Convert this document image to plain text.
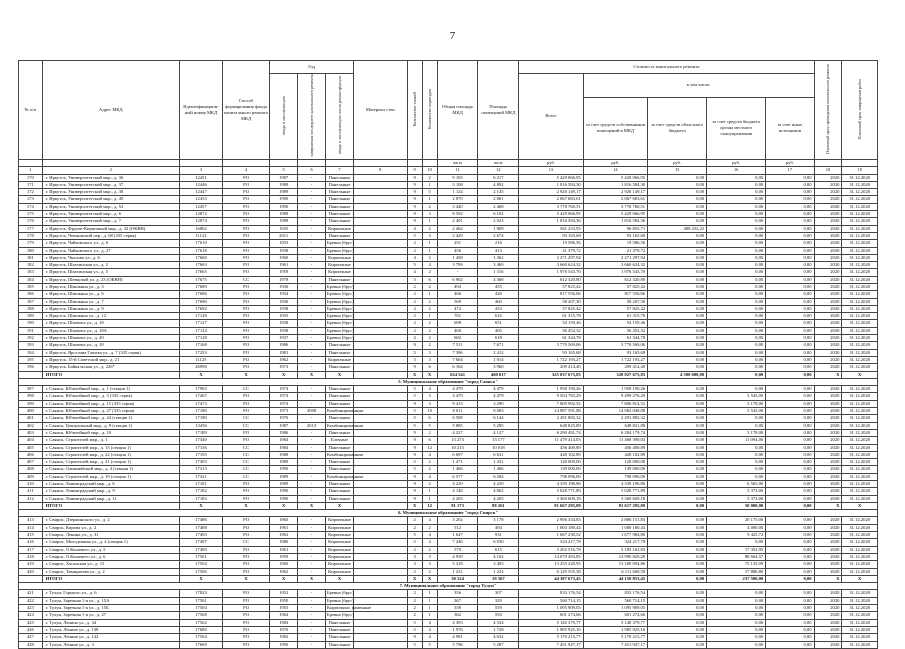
7
№ п/п	Адрес МКД	Идентификацион-ный номер МКД	Способ формирования фонда капитального ремонта МКД	Год			Материал стен	Количество этажей	Количество подъездов	Общая площадь МКД	Площадь помещений МКД	Стоимость капитального ремонта					Плановый срок проведения капитального ремонта	Плановый срок завершения работ
				ввода в эксплуатацию	завершения последнего капитального ремонта	ввода в эксплуатацию после реконструкции						Всего	в том числе:					
													за счет средств собственников помещений в МКД	за счет средств областного бюджета	за счет средств бюджета органа местного самоуправления	за счет иных источников		
										кв.м	кв.м	руб.	руб.	руб.	руб.	руб.		
1	2	3	4	5	6	7	8	9	10	11	12	13	14	15	16	17	18	19
170	г. Иркутск, Университетский мкр., д. 36	12451	РО	1987	-	Панельные		9	2	9 103	6 217	5 429 066,95	5 429 066,95	0,00	0,00	0,00	2020	31.12.2020
171	г. Иркутск, Университетский мкр., д. 37	12446	РО	1988	-	Панельные		9	1	3 108	4 892	1 816 584,30	1 816 584,30	0,00	0,00	0,00	2020	31.12.2020
172	г. Иркутск, Университетский мкр., д. 38	12447	РО	1989	-	Панельные		9	5	1 124	2 145	2 926 149,17	2 926 149,17	0,00	0,00	0,00	2020	31.12.2020
173	г. Иркутск, Университетский мкр., д. 49	12453	РО	1990	-	Панельные		9	1	2 870	2 861	2 067 683,61	2 067 683,61	0,00	0,00	0,00	2020	31.12.2020
174	г. Иркутск, Университетский мкр., д. 52	12457	РО	1990	-	Панельные		9	2	3 440	2 468	3 778 760,51	3 778 760,51	0,00	0,00	0,00	2020	31.12.2020
175	г. Иркутск, Университетский мкр., д. 6	12872	РО	1988	-	Панельные		9	3	8 592	6 102	5 429 066,95	5 429 066,95	0,00	0,00	0,00	2020	31.12.2020
176	г. Иркутск, Университетский мкр., д. 7	12874	РО	1988	-	Панельные		9	1	2 401	2 023	1 816 584,36	1 816 584,36	0,00	0,00	0,00	2020	31.12.2020
177	г. Иркутск, Фрунзе-Кирпичный мкр., д. 32 (ОКВН)	16862	РО	1935	-	Кирпичные		4	2	2 462	1 809	561 233,93	96 855,71	488 252,22	0,00	0,00	2020	31.12.2020
178	г. Иркутск, Чешковский пер., д. 68 (335 серия)	11122	РО	2011	-	Панельные		5	3	2 429	2 674	93 165,68	93 165,68	0,00	0,00	0,00	2020	31.12.2020
179	г. Иркутск, Чайковского ул., д. 6	17610	РО	1933	-	Бревна (брус)		2	1	251	216	19 586,56	19 586,56	0,00	0,00	0,00	2020	31.12.2020
180	г. Иркутск, Чайковского ул., д. 27	17618	РО	1938	-	Бревна (брус)		2	1	456	413	21 379,72	21 379,72	0,00	0,00	0,00	2020	31.12.2020
181	г. Иркутск, Чкалова ул., д. 6	17660	РО	1960	-	Кирпичные		4	2	1 458	1 362	2 271 297,94	2 271 297,94	0,00	0,00	0,00	2020	31.12.2020
182	г. Иркутск, Шахтинская ул., д. 2	17663	РО	1961	-	Кирпичные		5	4	3 799	3 469	3 660 624,32	3 660 624,32	0,00	0,00	0,00	2020	31.12.2020
183	г. Иркутск, Шахтинская ул., д. 5	17665	РО	1959	-	Кирпичные		4	2	-	1 316	1 976 543,70	1 976 543,70	0,00	0,00	0,00	2020	31.12.2020
184	г. Иркутск, Шевцовой ул. д. 23 (ОКВН)	17675	СС	1978	-	Панельные		5	6	6 902	4 368	612 320,80	612 320,80	0,00	0,00	0,00	2020	31.12.2020
185	г. Иркутск, Шишкина ул., д. 3	17689	РО	1936	-	Бревна (брус)		2	2	494	455	57 825,42	57 825,42	0,00	0,00	0,00	2020	31.12.2020
186	г. Иркутск, Шишкина ул., д. 6	17686	РО	1934	-	Бревна (брус)		2	1	466	426	817 556,66	817 556,66	0,00	0,00	0,00	2020	31.12.2020
187	г. Иркутск, Шишкина ул., д. 7	17690	РО	1936	-	Бревна (брус)		2	2	569	460	58 207,30	58 207,30	0,00	0,00	0,00	2020	31.12.2020
188	г. Иркутск, Шишкина ул., д. 9	17692	РО	1938	-	Бревна (брус)		2	2	472	433	57 825,42	57 825,42	0,00	0,00	0,00	2020	31.12.2020
189	г. Иркутск, Шишкина ул., д. 12	17128	РО	1935	-	Бревна (брус)		2	1	701	616	61 315,78	61 315,78	0,00	0,00	0,00	2020	31.12.2020
190	г. Иркутск, Шпачека ул., д. 18	17127	РО	1938	-	Бревна (брус)		2	2	698	651	54 159,46	54 159,46	0,00	0,00	0,00	2020	31.12.2020
191	г. Иркутск, Шпачека ул., д. 18А	17124	РО	1938	-	Бревна (брус)		2	2	460	405	56 452,32	56 452,32	0,00	0,00	0,00	2020	31.12.2020
192	г. Иркутск, Шпачека ул., д. 20	17128	РО	1937	-	Бревна (брус)		2	2	682	618	61 344,78	61 344,78	0,00	0,00	0,00	2020	31.12.2020
193	г. Иркутск, Шпачека ул., д. 10	17168	РО	1986	-	Панельные		9	2	7 511	7 671	3 770 569,06	3 770 569,06	0,00	0,00	0,00	2020	31.12.2020
194	г. Иркутск, Ярослава Гашека ул., д. 7 (335 серия)	17253	РО	1981	-	Панельные		5	3	7 396	2 412	93 165,68	93 165,68	0,00	0,00	0,00	2020	31.12.2020
195	г. Иркутск, 15-й Советской мкр., д. 21	11125	РО	1962	-	Кирпичные		5	3	7 604	1 014	1 722 193,27	1 722 193,27	0,00	0,00	0,00	2020	31.12.2020
196	г. Иркутск, Байкальская ул., д. 226*	26998	РО	1973	-	Панельные		9	6	6 164	3 960	209 414,40	209 414,40	0,00	0,00	0,00	2020	31.12.2020
	ИТОГО	X	X	X	X	X		X	X	624 541	460 017	325 037 673,83	320 927 673,83	4 500 000,00	0,00	0,00	X	X
5. Муниципальное образование "город Саянск"																		
397	г. Саянск, Юбилейный мкр., д. 1 (секция 1)	17963	СС	1974	-	Панельные		5	4	4 479	4 479	1 958 190,26	1 958 190,26	0,00	0,00	0,00	2020	31.12.2020
398	г. Саянск, Юбилейный мкр., д. 3 (335 серия)	17467	РО	1974	-	Панельные		5	3	4 479	4 479	9 504 783,29	9 499 276,29	0,00	5 543,00	0,00	2020	31.12.2020
399	г. Саянск, Юбилейный мкр., д. 15 (335 серия)	17473	РО	1974	-	Панельные		9	3	9 413	3 290	7 809 992,52	7 806 814,52	0,00	3 178,00	0,00	2020	31.12.2020
400	г. Саянск, Юбилейный мкр., д. 27 (335 серия)	17180	РО	1973	2008	Комбинированные		5	10	8 011	8 003	14 987 591,88	14 982 048,88	0,00	5 543,00	0,00	2020	31.12.2020
401	г. Саянск, Юбилейный мкр., д. 24 (секция 1)	17180	СС	1976	-	Панельные		5	6	6 508	6 144	2 291 882,32	2 291 882,32	0,00	0,00	0,00	2020	31.12.2020
402	г. Саянск, Центральный мкр., д. 9 (секция 1)	13456	СС	1987	2013	Комбинированные		5	5	5 885	5 285	648 825,89	648 821,89	0,00	0,00	0,00	2020	31.12.2020
403	г. Саянск, Юбилейный мкр., д. 10	17189	РО	1986	-	Панельные		9	2	4 227	4 127	6 290 491,74	6 284 179,74	0,00	3 178,00	0,00	2020	31.12.2020
404	г. Саянск, Строителей мкр., д. 1	17340	РО	1984	-	Блочные		9	6	13 273	13 177	11 479 414,03	11 468 390,03	0,00	11 094,00	0,00	2020	31.12.2020
405	г. Саянск, Строителей мкр., д. 15 (секция 1)	17156	СС	1984	-	Панельные		9	12	10 215	10 018	456 400,89	456 400,89	0,00	0,00	0,00	2020	31.12.2020
406	г. Саянск, Строителей мкр., д. 22 (секция 1)	17195	СС	1988	-	Комбинированные		9	4	6 697	6 631	420 102,89	420 102,89	0,00	0,00	0,00	2020	31.12.2020
407	г. Саянск, Строителей мкр., д. 21 (секция 1)	17303	СС	1989	-	Панельные		5	2	1 471	1 431	120 000,00	120 000,00	0,00	0,00	0,00	2020	31.12.2020
408	г. Саянск, Олимпийский мкр., д. 4 (секция 1)	17313	СС	1990	-	Панельные		5	2	1 466	1 466	139 000,00	139 000,00	0,00	0,00	0,00	2020	31.12.2020
409	г. Саянск, Строителей мкр., д. 19 (секция 1)	17321	СС	1989	-	Комбинированные		9	4	6 577	6 284	798 096,00	798 096,00	0,00	0,00	0,00	2020	31.12.2020
410	г. Саянск, Ленинградский мкр., д. 6	17181	РО	1989	-	Панельные		9	2	4 229	4 229	4 339 196,86	4 339 196,86	0,00	6 565,00	0,00	2020	31.12.2020
411	г. Саянск, Ленинградский мкр., д. 9	17182	РО	1990	-	Панельные		9	1	4 148	4 062	5 028 771,89	5 028 771,89	0,00	5 373,00	0,00	2020	31.12.2020
412	г. Саянск, Ленинградский мкр., д. 11	17183	РО	1990	-	Панельные		9	1	4 205	4 205	3 369 609,18	3 369 609,18	0,00	5 373,00	0,00	2020	31.12.2020
	ИТОГО	X	X	X	X	X		X	12	91 173	88 261	81 667 295,09	81 617 295,09	0,00	50 000,00	0,00	X	X
6. Муниципальное образование "город Свирск"																		
413	г. Свирск, Дзержинского ул., д. 2	17486	РО	1960	-	Кирпичные		2	4	3 202	3 178	2 906 334,83	2 886 151,83	0,00	20 175,00	0,00	2020	31.12.2020
414	г. Свирск, Кирова ул., д. 2	17488	РО	1961	-	Кирпичные		2	2	512	494	1 004 180,44	1 000 180,44	0,00	4 000,00	0,00	2020	31.12.2020
415	г. Свирск, Ленина ул., д. 31	17493	РО	1962	-	Кирпичные		5	4	1 647	931	1 687 230,52	1 677 984,80	0,00	9 425,72	0,00	2020	31.12.2020
416	г. Свирск, Молодежная ул., д. 4 (секция 1)	17497	СС	1986	-	Кирпичные		5	4	7 246	6 930	324 217,78	324 217,78	0,00	0,00	0,00	2020	31.12.2020
417	г. Свирск, О.Кошевого ул., д. 5	17499	РО	1961	-	Кирпичные		2	2	579	615	3 202 516,78	3 185 163,83	0,00	17 352,95	0,00	2020	31.12.2020
418	г. Свирск, О.Кошевого ул., д. 6	17501	РО	1959	-	Кирпичные		3	3	4 939	4 162	14 079 493,85	13 990 829,28	0,00	88 664,57	0,00	2020	31.12.2020
419	г. Свирск, Хасанская ул., д. 15	17504	РО	1960	-	Кирпичные		3	3	5 318	3 403	13 255 220,95	13 180 094,86	0,00	75 135,09	0,00	2020	31.12.2020
420	г. Свирск, Тимирязева ул., д. 2	17506	РО	1962	-	Кирпичные		2	2	1 231	1 224	6 129 555,38	6 111 668,58	0,00	17 886,80	0,00	2020	31.12.2020
	ИТОГО	X	X	X	X	X		X	X	30 124	19 367	44 387 673,45	44 150 853,45	0,00	237 500,00	0,00	X	X
7. Муниципальное образование "город Тулун"																		
421	г. Тулун, Горького ул., д. 6	17823	РО	1952	-	Бревна (брус)		2	1	356	307	833 176,54	833 176,54	0,00	0,00	0,00	2020	31.12.2020
422	г. Тулун, Заречная 1-я ул., д. 15А	17561	РО	1950	-	Бревна (брус)		2	1	367	329	560 714,15	560 714,15	0,00	0,00	0,00	2020	31.12.2020
423	г. Тулун, Заречная 1-я ул., д. 15Б	17504	РО	1955	-	Кирпичные, каменные		2	1	539	559	1 095 909,05	1 095 909,05	0,00	0,00	0,00	2020	31.12.2020
424	г. Тулун, Заречная 1-я ул., д. 27	17568	РО	1964	-	Бревна (брус)		2	1	362	594	601 274,66	601 274,66	0,00	0,00	0,00	2020	31.12.2020
425	г. Тулун, Ленина ул., д. 34	17562	РО	1984	-	Панельные		5	4	4 393	4 334	5 140 379,77	5 140 379,77	0,00	0,00	0,00	2020	31.12.2020
426	г. Тулун, Ленина ул., д. 138	17680	РО	1976	-	Панельные		5	4	1 976	1 728	1 985 925,16	1 985 925,16	0,00	0,00	0,00	2020	31.12.2020
427	г. Тулун, Ленина ул., д. 142	17564	РО	1982	-	Панельные		9	4	4 981	4 632	5 170 215,77	5 170 215,77	0,00	0,00	0,00	2020	31.12.2020
428	г. Тулун, Ленина ул., д. 3	17669	РО	1990	-	Панельные		5	5	5 796	5 287	7 451 947,17	7 451 947,17	0,00	0,00	0,00	2020	31.12.2020
